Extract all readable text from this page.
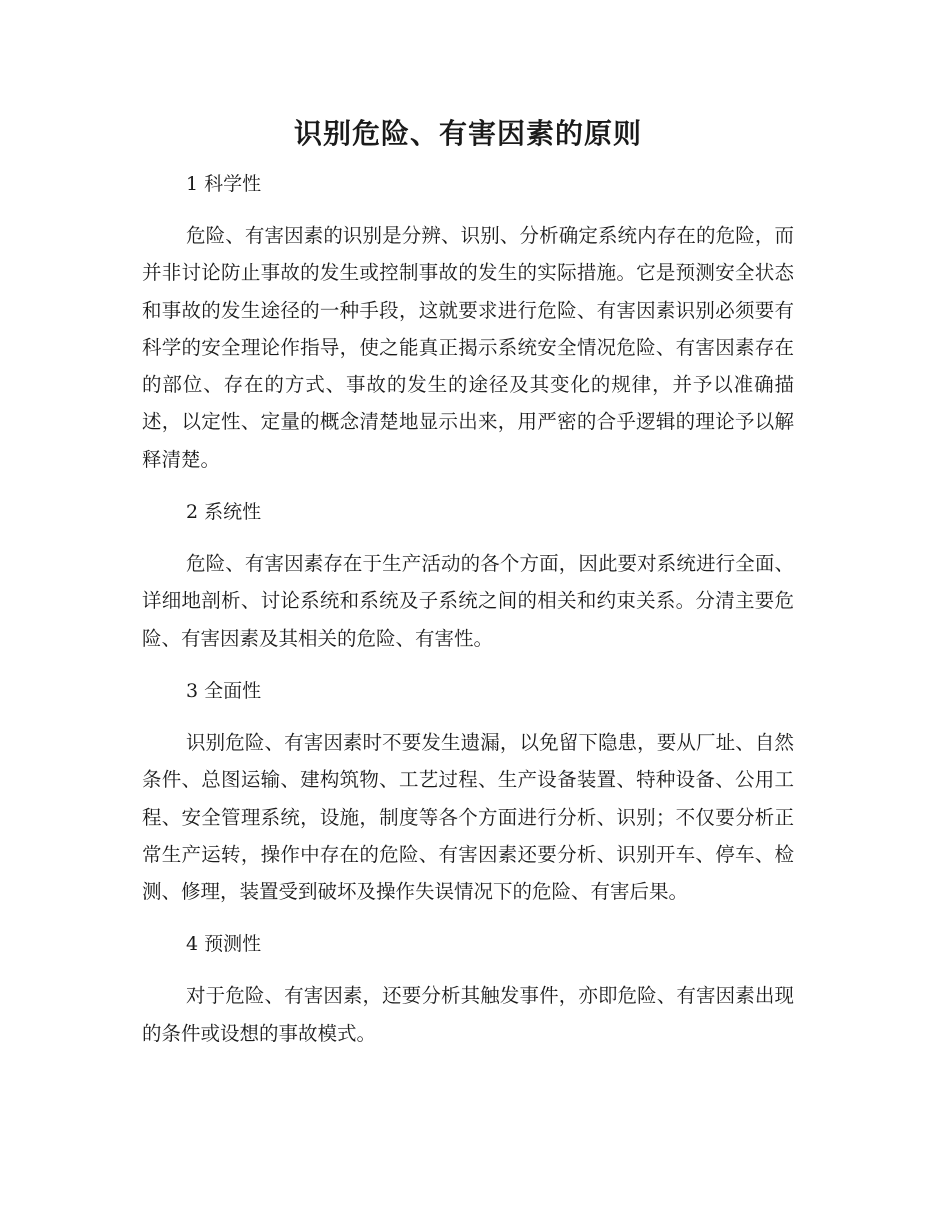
识别危险、有害因素的原则

1 科学性

危险、有害因素的识别是分辨、识别、分析确定系统内存在的危险，而并非讨论防止事故的发生或控制事故的发生的实际措施。它是预测安全状态和事故的发生途径的一种手段，这就要求进行危险、有害因素识别必须要有科学的安全理论作指导，使之能真正揭示系统安全情况危险、有害因素存在的部位、存在的方式、事故的发生的途径及其变化的规律，并予以准确描述，以定性、定量的概念清楚地显示出来，用严密的合乎逻辑的理论予以解释清楚。

2 系统性

危险、有害因素存在于生产活动的各个方面，因此要对系统进行全面、详细地剖析、讨论系统和系统及子系统之间的相关和约束关系。分清主要危险、有害因素及其相关的危险、有害性。

3 全面性

识别危险、有害因素时不要发生遗漏，以免留下隐患，要从厂址、自然条件、总图运输、建构筑物、工艺过程、生产设备装置、特种设备、公用工程、安全管理系统，设施，制度等各个方面进行分析、识别；不仅要分析正常生产运转，操作中存在的危险、有害因素还要分析、识别开车、停车、检测、修理，装置受到破坏及操作失误情况下的危险、有害后果。

4 预测性

对于危险、有害因素，还要分析其触发事件，亦即危险、有害因素出现的条件或设想的事故模式。
